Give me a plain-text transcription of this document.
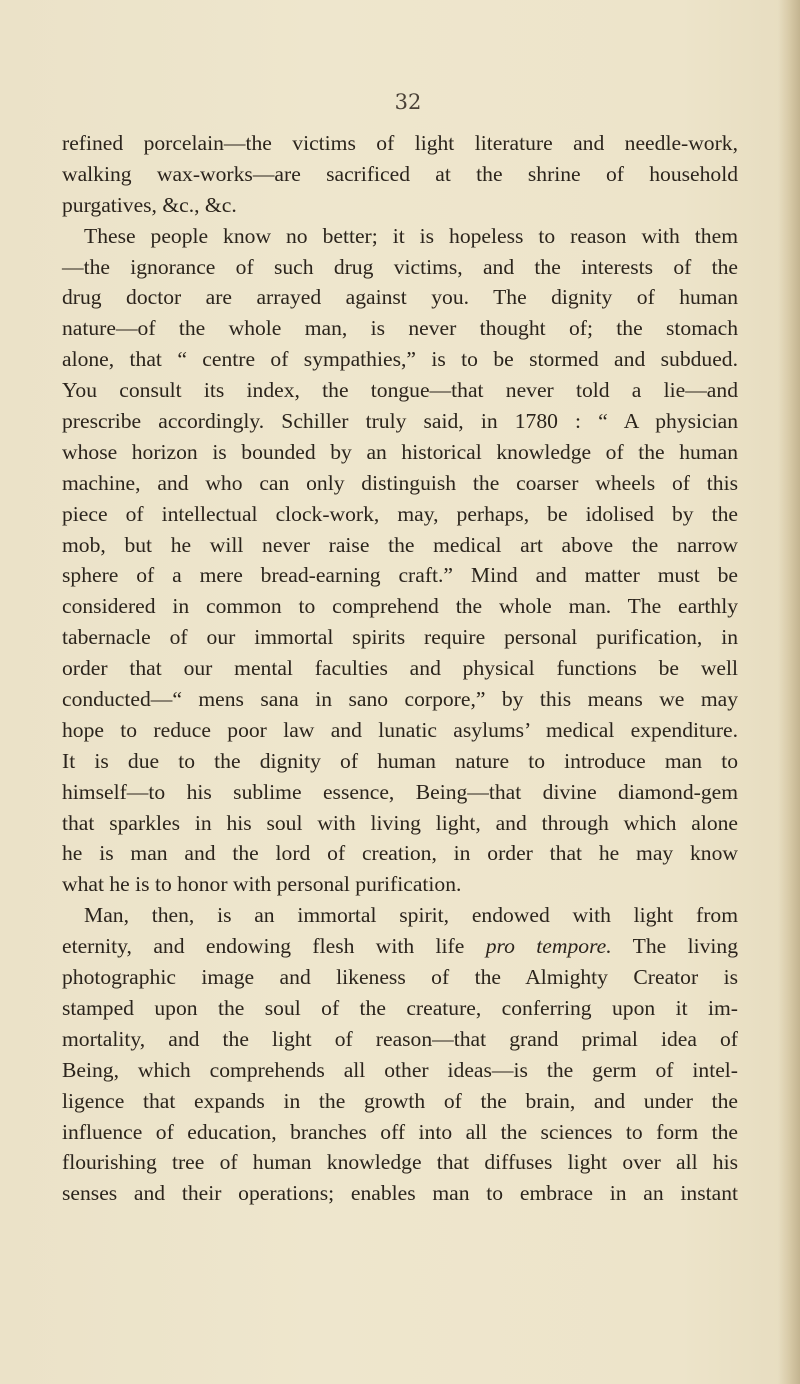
32
refined porcelain—the victims of light literature and needle-work,
walking wax-works—are sacrificed at the shrine of household
purgatives, &c., &c.
These people know no better; it is hopeless to reason with them
—the ignorance of such drug victims, and the interests of the
drug doctor are arrayed against you. The dignity of human
nature—of the whole man, is never thought of; the stomach
alone, that “ centre of sympathies,” is to be stormed and subdued.
You consult its index, the tongue—that never told a lie—and
prescribe accordingly. Schiller truly said, in 1780 : “ A physician
whose horizon is bounded by an historical knowledge of the human
machine, and who can only distinguish the coarser wheels of this
piece of intellectual clock-work, may, perhaps, be idolised by the
mob, but he will never raise the medical art above the narrow
sphere of a mere bread-earning craft.” Mind and matter must be
considered in common to comprehend the whole man. The earthly
tabernacle of our immortal spirits require personal purification, in
order that our mental faculties and physical functions be well
conducted—“ mens sana in sano corpore,” by this means we may
hope to reduce poor law and lunatic asylums’ medical expenditure.
It is due to the dignity of human nature to introduce man to
himself—to his sublime essence, Being—that divine diamond-gem
that sparkles in his soul with living light, and through which alone
he is man and the lord of creation, in order that he may know
what he is to honor with personal purification.
Man, then, is an immortal spirit, endowed with light from
eternity, and endowing flesh with life pro tempore. The living
photographic image and likeness of the Almighty Creator is
stamped upon the soul of the creature, conferring upon it im-
mortality, and the light of reason—that grand primal idea of
Being, which comprehends all other ideas—is the germ of intel-
ligence that expands in the growth of the brain, and under the
influence of education, branches off into all the sciences to form the
flourishing tree of human knowledge that diffuses light over all his
senses and their operations; enables man to embrace in an instant
